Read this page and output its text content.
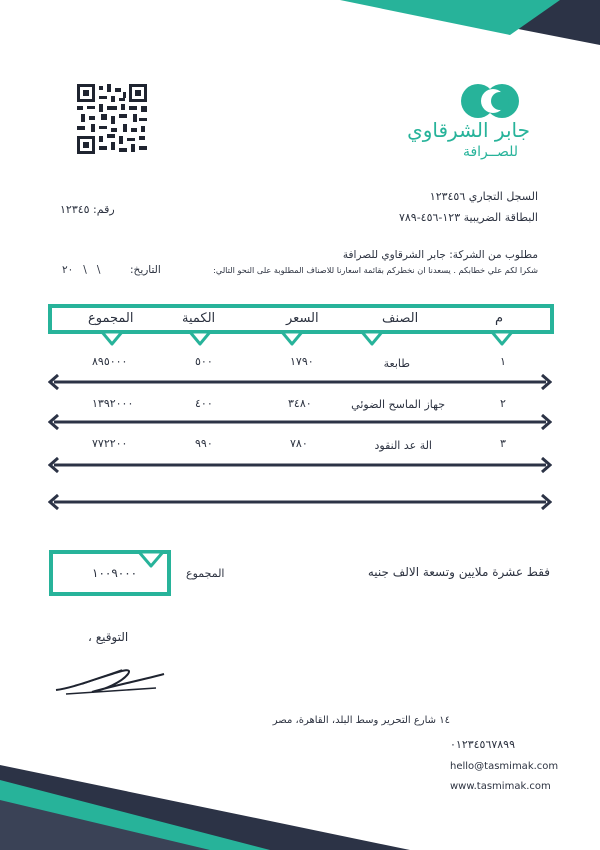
جابر الشرقاوي
للصــرافة
السجل التجاري ١٢٣٤٥٦
البطاقة الضريبية ١٢٣-٤٥٦-٧٨٩
رقم: ١٢٣٤٥
مطلوب من الشركة: جابر الشرقاوي للصرافة
شكرا لكم علي خطابكم . يسعدنا ان نخطركم بقائمة اسعارنا للاصناف المطلوبة على النحو التالي:
التاريخ:
٢٠   \   \
م
الصنف
السعر
الكمية
المجموع
١
طابعة
١٧٩٠
٥٠٠
٨٩٥٠٠٠
٢
جهاز الماسح الضوئي
٣٤٨٠
٤٠٠
١٣٩٢٠٠٠
٣
الة عد النقود
٧٨٠
٩٩٠
٧٧٢٢٠٠
١٠٠٩٠٠٠	المجموع	فقط عشرة ملايين وتسعة الالف جنيه
التوقيع ،
١٤ شارع التحرير وسط البلد، القاهرة، مصر
٠١٢٣٤٥٦٧٨٩٩
hello@tasmimak.com
www.tasmimak.com
